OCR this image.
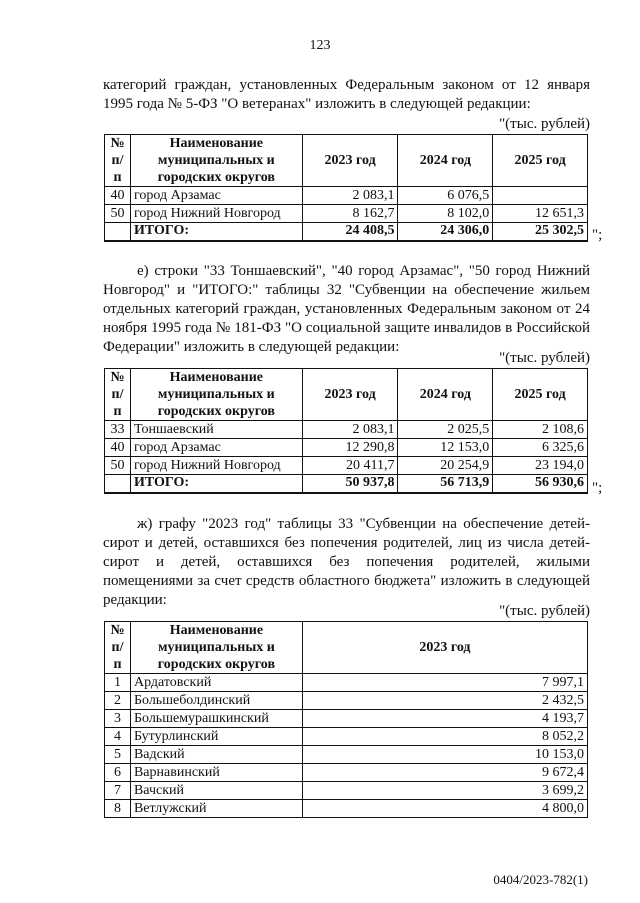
123
категорий граждан, установленных Федеральным законом от 12 января 1995 года № 5-ФЗ "О ветеранах" изложить в следующей редакции:
"(тыс. рублей)
№ п/п	Наименование муниципальных и городских округов	2023 год	2024 год	2025 год
40	город Арзамас	2 083,1	6 076,5	
50	город Нижний Новгород	8 162,7	8 102,0	12 651,3
	ИТОГО:	24 408,5	24 306,0	25 302,5 ";
е) строки "33 Тоншаевский", "40 город Арзамас", "50 город Нижний Новгород" и "ИТОГО:" таблицы 32 "Субвенции на обеспечение жильем отдельных категорий граждан, установленных Федеральным законом от 24 ноября 1995 года № 181-ФЗ "О социальной защите инвалидов в Российской Федерации" изложить в следующей редакции:
"(тыс. рублей)
№ п/п	Наименование муниципальных и городских округов	2023 год	2024 год	2025 год
33	Тоншаевский	2 083,1	2 025,5	2 108,6
40	город Арзамас	12 290,8	12 153,0	6 325,6
50	город Нижний Новгород	20 411,7	20 254,9	23 194,0
	ИТОГО:	50 937,8	56 713,9	56 930,6 ";
ж) графу "2023 год" таблицы 33 "Субвенции на обеспечение детей-сирот и детей, оставшихся без попечения родителей, лиц из числа детей-сирот и детей, оставшихся без попечения родителей, жилыми помещениями за счет средств областного бюджета" изложить в следующей редакции:
"(тыс. рублей)
№ п/п	Наименование муниципальных и городских округов	2023 год
1	Ардатовский	7 997,1
2	Большеболдинский	2 432,5
3	Большемурашкинский	4 193,7
4	Бутурлинский	8 052,2
5	Вадский	10 153,0
6	Варнавинский	9 672,4
7	Вачский	3 699,2
8	Ветлужский	4 800,0
0404/2023-782(1)
